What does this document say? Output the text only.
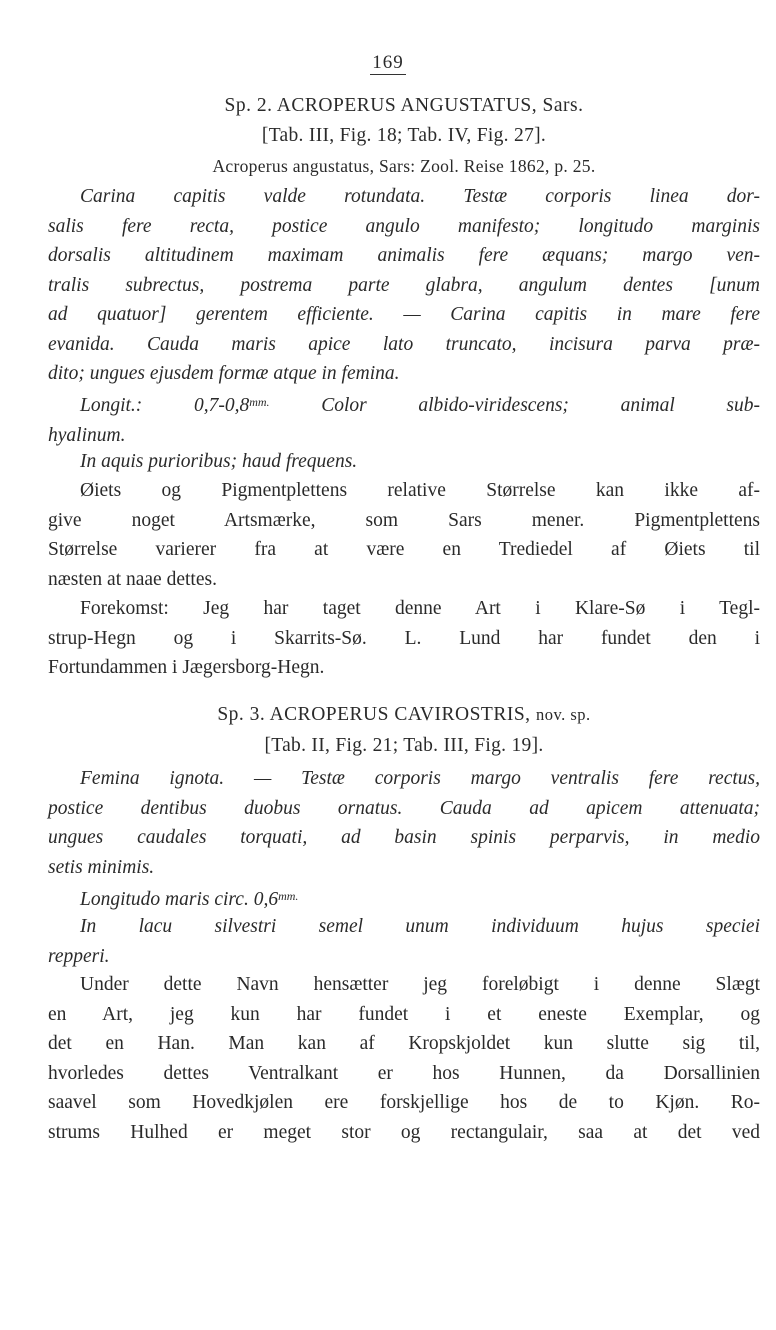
169
Sp. 2. ACROPERUS ANGUSTATUS, Sars.
[Tab. III, Fig. 18; Tab. IV, Fig. 27].
Acroperus angustatus, Sars: Zool. Reise 1862, p. 25.
Carina capitis valde rotundata. Testæ corporis linea dor-
salis fere recta, postice angulo manifesto; longitudo marginis
dorsalis altitudinem maximam animalis fere æquans; margo ven-
tralis subrectus, postrema parte glabra, angulum dentes [unum
ad quatuor] gerentem efficiente. — Carina capitis in mare fere
evanida. Cauda maris apice lato truncato, incisura parva præ-
dito; ungues ejusdem formæ atque in femina.
Longit.: $0,7-0,8^{mm.}$ Color albido-viridescens; animal sub-
hyalinum.
In aquis purioribus; haud frequens.
Øiets og Pigmentplettens relative Størrelse kan ikke af-
give noget Artsmærke, som Sars mener. Pigmentplettens
Størrelse varierer fra at være en Trediedel af Øiets til
næsten at naae dettes.
Forekomst: Jeg har taget denne Art i Klare-Sø i Tegl-
strup-Hegn og i Skarrits-Sø. L. Lund har fundet den i
Fortundammen i Jægersborg-Hegn.
Sp. 3. ACROPERUS CAVIROSTRIS, nov. sp.
[Tab. II, Fig. 21; Tab. III, Fig. 19].
Femina ignota. — Testæ corporis margo ventralis fere rectus,
postice dentibus duobus ornatus. Cauda ad apicem attenuata;
ungues caudales torquati, ad basin spinis perparvis, in medio
setis minimis.
Longitudo maris circ. $0,6^{mm.}$
In lacu silvestri semel unum individuum hujus speciei
repperi.
Under dette Navn hensætter jeg foreløbigt i denne Slægt
en Art, jeg kun har fundet i et eneste Exemplar, og
det en Han. Man kan af Kropskjoldet kun slutte sig til,
hvorledes dettes Ventralkant er hos Hunnen, da Dorsallinien
saavel som Hovedkjølen ere forskjellige hos de to Kjøn. Ro-
strums Hulhed er meget stor og rectangulair, saa at det ved
